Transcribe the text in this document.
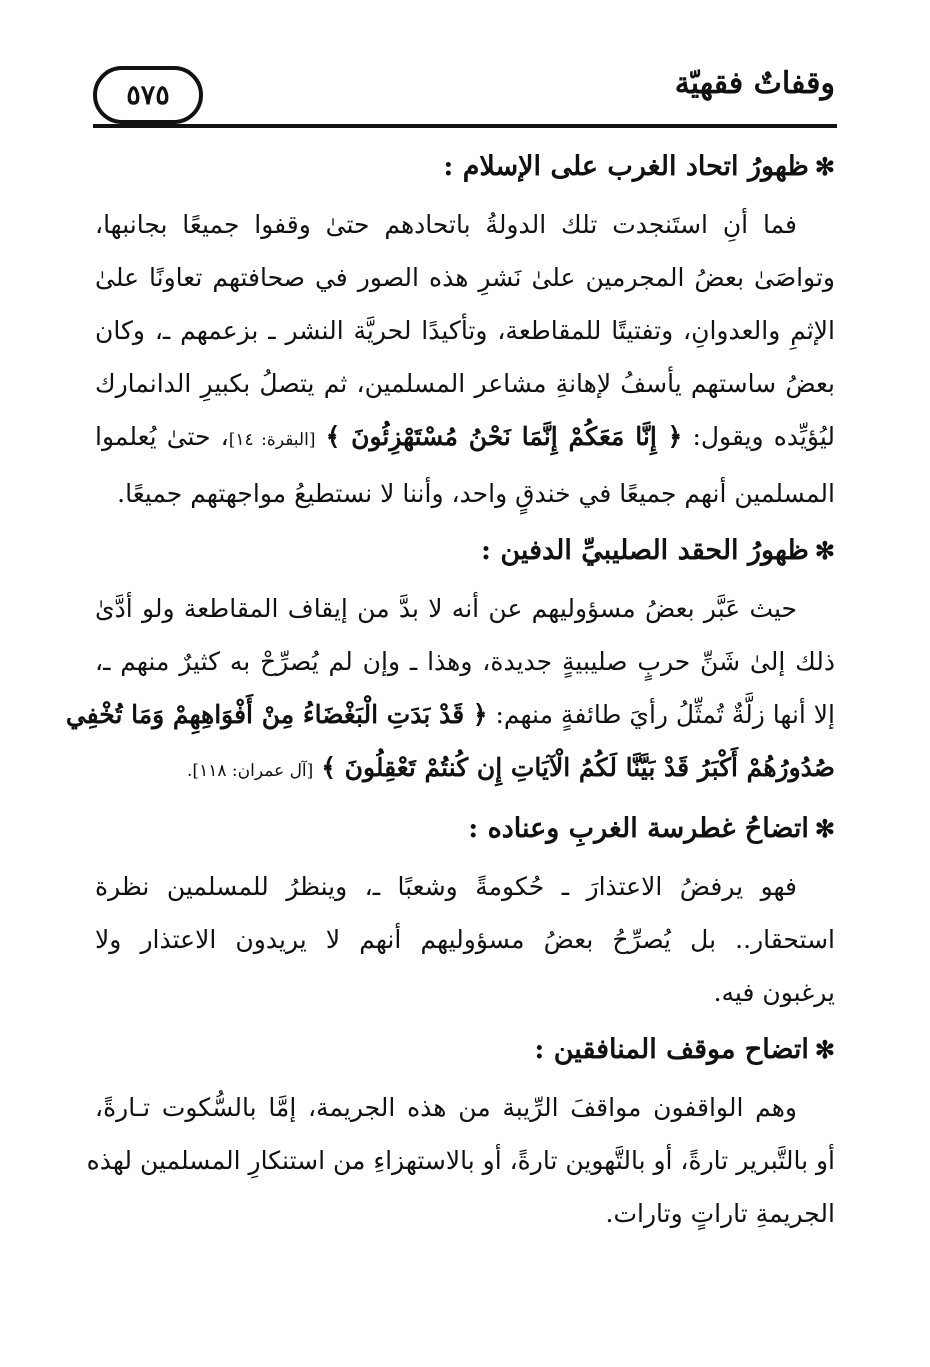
وقفاتٌ فقهيّة
٥٧٥
✻ظهورُ اتحاد الغرب على الإسلام :
فما أنِ استَنجدت تلك الدولةُ باتحادهم حتىٰ وقفوا جميعًا بجانبها،
وتواصَىٰ بعضُ المجرمين علىٰ نَشرِ هذه الصور في صحافتهم تعاونًا علىٰ
الإثمِ والعدوانِ، وتفتيتًا للمقاطعة، وتأكيدًا لحريَّة النشر ـ بزعمهم ـ، وكان
بعضُ ساستهم يأسفُ لإهانةِ مشاعر المسلمين، ثم يتصلُ بكبيرِ الدانمارك
ليُؤيِّده ويقول: ﴿ إِنَّا مَعَكُمْ إِنَّمَا نَحْنُ مُسْتَهْزِئُونَ ﴾ [البقرة: ١٤]، حتىٰ يُعلموا
المسلمين أنهم جميعًا في خندقٍ واحد، وأننا لا نستطيعُ مواجهتهم جميعًا.
✻ظهورُ الحقد الصليبيِّ الدفين :
حيث عَبَّر بعضُ مسؤوليهم عن أنه لا بدَّ من إيقاف المقاطعة ولو أدَّىٰ
ذلك إلىٰ شَنِّ حربٍ صليبيةٍ جديدة، وهذا ـ وإن لم يُصرِّحْ به كثيرٌ منهم ـ،
إلا أنها زلَّةٌ تُمثِّلُ رأيَ طائفةٍ منهم: ﴿ قَدْ بَدَتِ الْبَغْضَاءُ مِنْ أَفْوَاهِهِمْ وَمَا تُخْفِي
صُدُورُهُمْ أَكْبَرُ قَدْ بَيَّنَّا لَكُمُ الْآيَاتِ إِن كُنتُمْ تَعْقِلُونَ ﴾ [آل عمران: ١١٨].
✻اتضاحُ غطرسة الغربِ وعناده :
فهو يرفضُ الاعتذارَ ـ حُكومةً وشعبًا ـ، وينظرُ للمسلمين نظرة
استحقار.. بل يُصرِّحُ بعضُ مسؤوليهم أنهم لا يريدون الاعتذار ولا
يرغبون فيه.
✻اتضاح موقف المنافقين :
وهم الواقفون مواقفَ الرِّيبة من هذه الجريمة، إمَّا بالسُّكوت تـارةً،
أو بالتَّبرير تارةً، أو بالتَّهوين تارةً، أو بالاستهزاءِ من استنكارِ المسلمين لهذه
الجريمةِ تاراتٍ وتارات.
